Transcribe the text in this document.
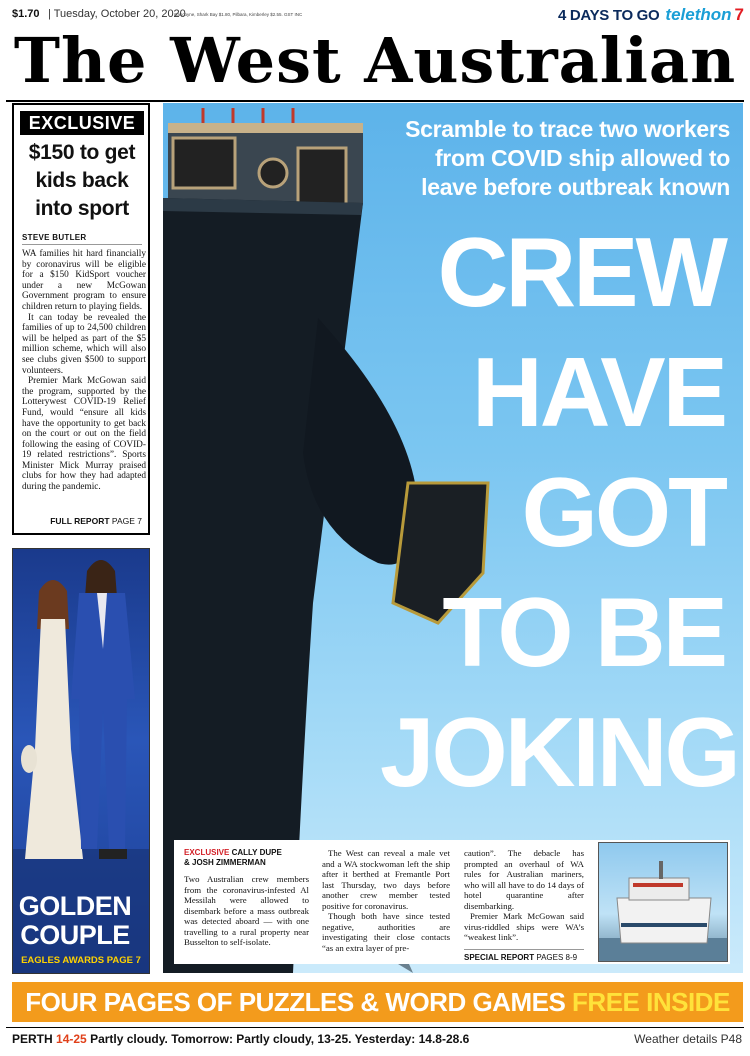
$1.70 | Tuesday, October 20, 2020
Gascoyne, Shark Bay $1.80, Pilbara, Kimberley $2.55. GST INC	4 DAYS TO GO telethon 7
The West Australian
EXCLUSIVE
$150 to get kids back into sport
STEVE BUTLER

WA families hit hard financially by coronavirus will be eligible for a $150 KidSport voucher under a new McGowan Government program to ensure children return to playing fields.

It can today be revealed the families of up to 24,500 children will be helped as part of the $5 million scheme, which will also see clubs given $500 to support volunteers.

Premier Mark McGowan said the program, supported by the Lotterywest COVID-19 Relief Fund, would “ensure all kids have the opportunity to get back on the court or out on the field following the easing of COVID-19 related restrictions”. Sports Minister Mick Murray praised clubs for how they had adapted during the pandemic.

FULL REPORT PAGE 7
GOLDEN COUPLE
EAGLES AWARDS PAGE 7
Scramble to trace two workers from COVID ship allowed to leave before outbreak known
CREW
HAVE
GOT
TO BE
JOKING
EXCLUSIVE CALLY DUPE
& JOSH ZIMMERMAN

Two Australian crew members from the coronavirus-infested Al Messilah were allowed to disembark before a mass outbreak was detected aboard — with one travelling to a rural property near Busselton to self-isolate.

The West can reveal a male vet and a WA stockwoman left the ship after it berthed at Fremantle Port last Thursday, two days before another crew member tested positive for coronavirus.

Though both have since tested negative, authorities are investigating their close contacts “as an extra layer of pre-

caution”. The debacle has prompted an overhaul of WA rules for Australian mariners, who will all have to do 14 days of hotel quarantine after disembarking.

Premier Mark McGowan said virus-riddled ships were WA’s “weakest link”.

SPECIAL REPORT PAGES 8-9
FOUR PAGES OF PUZZLES & WORD GAMES FREE INSIDE
PERTH 14-25 Partly cloudy. Tomorrow: Partly cloudy, 13-25. Yesterday: 14.8-28.6	Weather details P48
